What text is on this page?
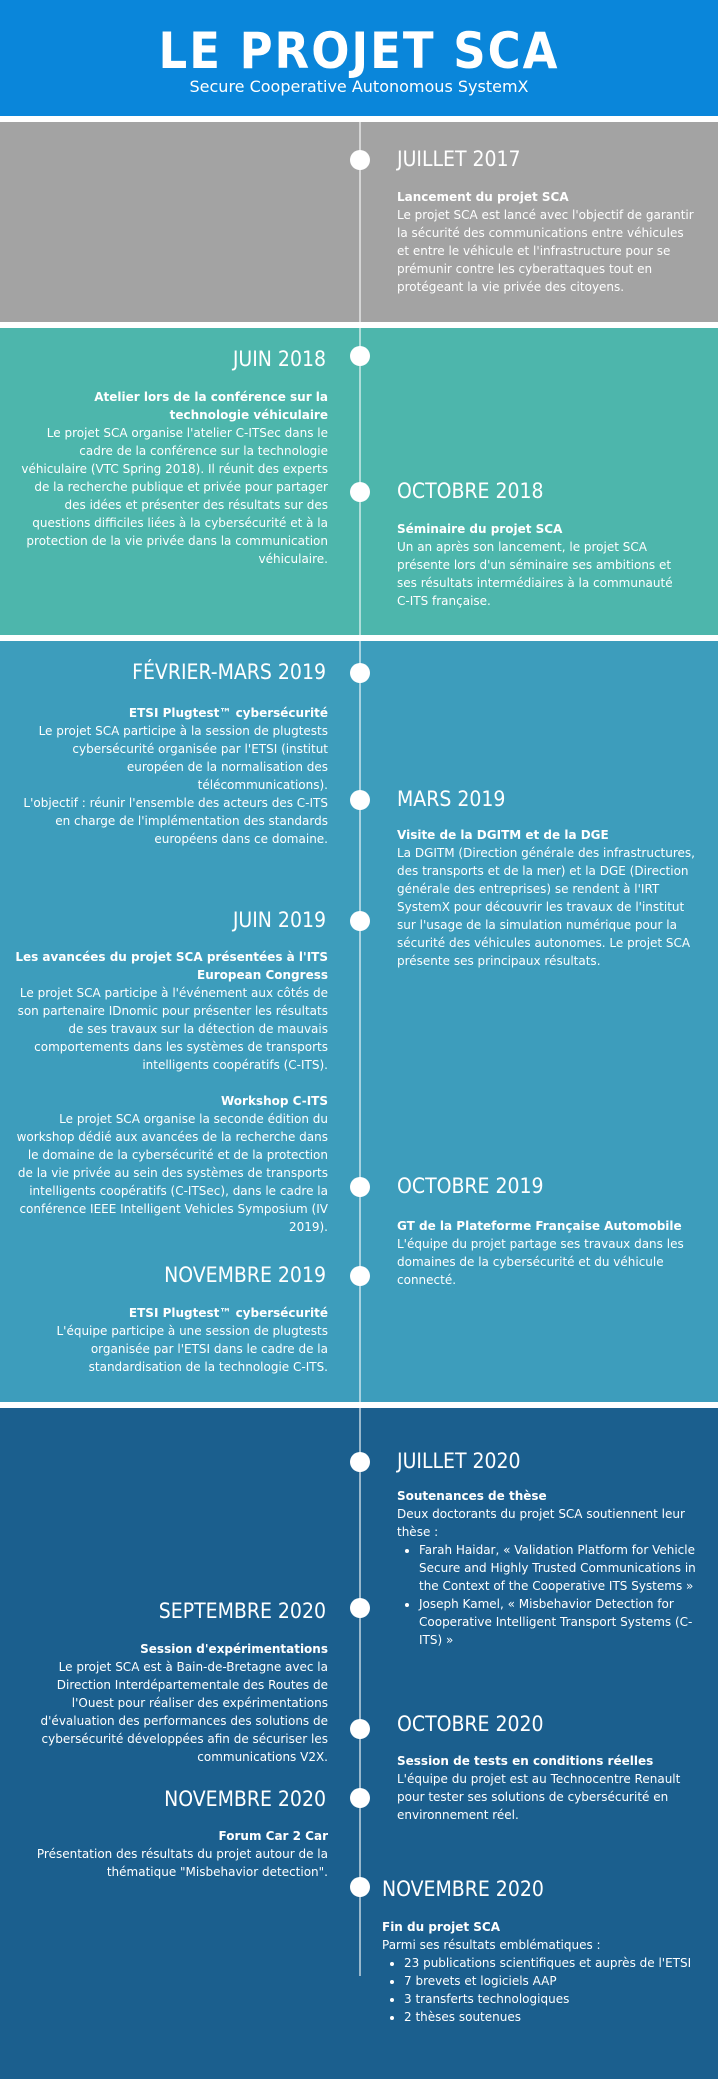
LE PROJET SCA
Secure Cooperative Autonomous SystemX
JUILLET 2017
Lancement du projet SCA
Le projet SCA est lancé avec l'objectif de garantir la sécurité des communications entre véhicules et entre le véhicule et l'infrastructure pour se prémunir contre les cyberattaques tout en protégeant la vie privée des citoyens.
JUIN 2018
Atelier lors de la conférence sur la technologie véhiculaire
Le projet SCA organise l'atelier C-ITSec dans le cadre de la conférence sur la technologie véhiculaire (VTC Spring 2018). Il réunit des experts de la recherche publique et privée pour partager des idées et présenter des résultats sur des questions difficiles liées à la cybersécurité et à la protection de la vie privée dans la communication véhiculaire.
OCTOBRE 2018
Séminaire du projet SCA
Un an après son lancement, le projet SCA présente lors d'un séminaire ses ambitions et ses résultats intermédiaires à la communauté C-ITS française.
FÉVRIER-MARS 2019
ETSI Plugtest™ cybersécurité
Le projet SCA participe à la session de plugtests cybersécurité organisée par l'ETSI (institut européen de la normalisation des télécommunications).
L'objectif : réunir l'ensemble des acteurs des C-ITS en charge de l'implémentation des standards européens dans ce domaine.
MARS 2019
Visite de la DGITM et de la DGE
La DGITM (Direction générale des infrastructures, des transports et de la mer) et la DGE (Direction générale des entreprises) se rendent à l'IRT SystemX pour découvrir les travaux de l'institut sur l'usage de la simulation numérique pour la sécurité des véhicules autonomes. Le projet SCA présente ses principaux résultats.
JUIN 2019
Les avancées du projet SCA présentées à l'ITS European Congress
Le projet SCA participe à l'événement aux côtés de son partenaire IDnomic pour présenter les résultats de ses travaux sur la détection de mauvais comportements dans les systèmes de transports intelligents coopératifs (C-ITS).
Workshop C-ITS
Le projet SCA organise la seconde édition du workshop dédié aux avancées de la recherche dans le domaine de la cybersécurité et de la protection de la vie privée au sein des systèmes de transports intelligents coopératifs (C-ITSec), dans le cadre la conférence IEEE Intelligent Vehicles Symposium (IV 2019).
OCTOBRE 2019
GT de la Plateforme Française Automobile
L'équipe du projet partage ses travaux dans les domaines de la cybersécurité et du véhicule connecté.
NOVEMBRE 2019
ETSI Plugtest™ cybersécurité
L'équipe participe à une session de plugtests organisée par l'ETSI dans le cadre de la standardisation de la technologie C-ITS.
JUILLET 2020
Soutenances de thèse
Deux doctorants du projet SCA soutiennent leur thèse :
• Farah Haidar, « Validation Platform for Vehicle Secure and Highly Trusted Communications in the Context of the Cooperative ITS Systems »
• Joseph Kamel, « Misbehavior Detection for Cooperative Intelligent Transport Systems (C-ITS) »
SEPTEMBRE 2020
Session d'expérimentations
Le projet SCA est à Bain-de-Bretagne avec la Direction Interdépartementale des Routes de l'Ouest pour réaliser des expérimentations d'évaluation des performances des solutions de cybersécurité développées afin de sécuriser les communications V2X.
OCTOBRE 2020
Session de tests en conditions réelles
L'équipe du projet est au Technocentre Renault pour tester ses solutions de cybersécurité en environnement réel.
NOVEMBRE 2020
Forum Car 2 Car
Présentation des résultats du projet autour de la thématique "Misbehavior detection".
NOVEMBRE 2020
Fin du projet SCA
Parmi ses résultats emblématiques :
• 23 publications scientifiques et auprès de l'ETSI
• 7 brevets et logiciels AAP
• 3 transferts technologiques
• 2 thèses soutenues
